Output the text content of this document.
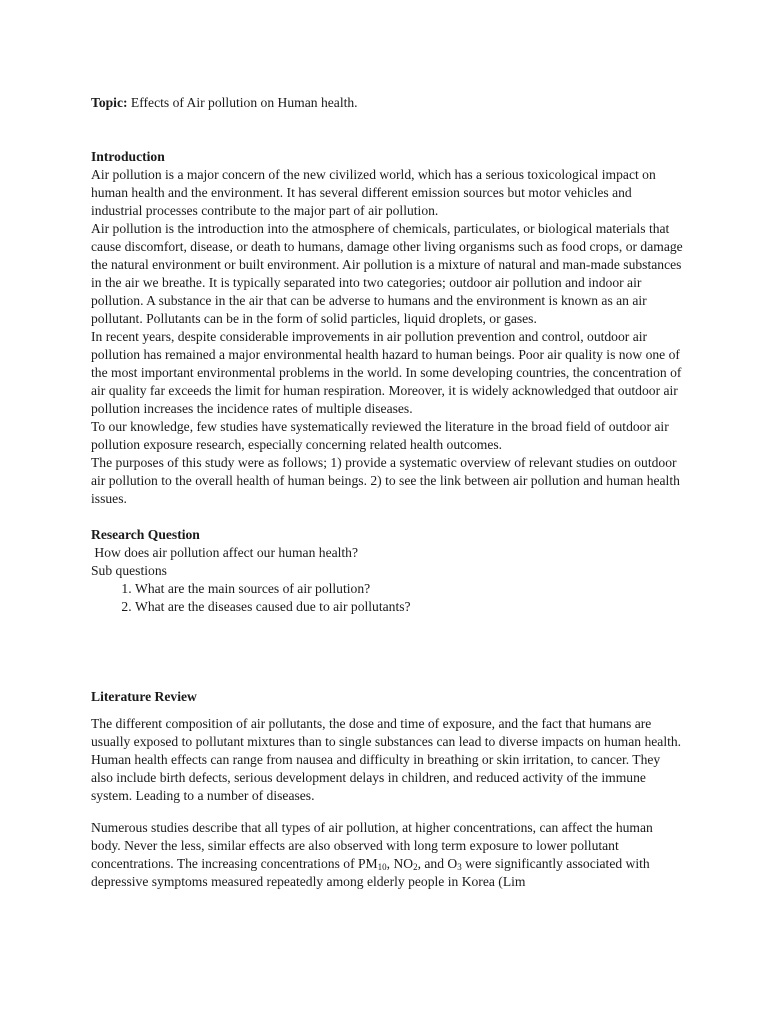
Topic: Effects of Air pollution on Human health.

Introduction

Air pollution is a major concern of the new civilized world, which has a serious toxicological impact on human health and the environment. It has several different emission sources but motor vehicles and industrial processes contribute to the major part of air pollution.

Air pollution is the introduction into the atmosphere of chemicals, particulates, or biological materials that cause discomfort, disease, or death to humans, damage other living organisms such as food crops, or damage the natural environment or built environment. Air pollution is a mixture of natural and man-made substances in the air we breathe. It is typically separated into two categories; outdoor air pollution and indoor air pollution. A substance in the air that can be adverse to humans and the environment is known as an air pollutant. Pollutants can be in the form of solid particles, liquid droplets, or gases.

In recent years, despite considerable improvements in air pollution prevention and control, outdoor air pollution has remained a major environmental health hazard to human beings. Poor air quality is now one of the most important environmental problems in the world. In some developing countries, the concentration of air quality far exceeds the limit for human respiration. Moreover, it is widely acknowledged that outdoor air pollution increases the incidence rates of multiple diseases.

To our knowledge, few studies have systematically reviewed the literature in the broad field of outdoor air pollution exposure research, especially concerning related health outcomes.

The purposes of this study were as follows; 1) provide a systematic overview of relevant studies on outdoor air pollution to the overall health of human beings. 2) to see the link between air pollution and human health issues.

Research Question

How does air pollution affect our human health?

Sub questions

1. What are the main sources of air pollution?
2. What are the diseases caused due to air pollutants?
Literature Review

The different composition of air pollutants, the dose and time of exposure, and the fact that humans are usually exposed to pollutant mixtures than to single substances can lead to diverse impacts on human health. Human health effects can range from nausea and difficulty in breathing or skin irritation, to cancer. They also include birth defects, serious development delays in children, and reduced activity of the immune system. Leading to a number of diseases.

Numerous studies describe that all types of air pollution, at higher concentrations, can affect the human body. Never the less, similar effects are also observed with long term exposure to lower pollutant concentrations. The increasing concentrations of $PM_{10}$, $NO_2$, and $O_3$ were significantly associated with depressive symptoms measured repeatedly among elderly people in Korea (Lim
